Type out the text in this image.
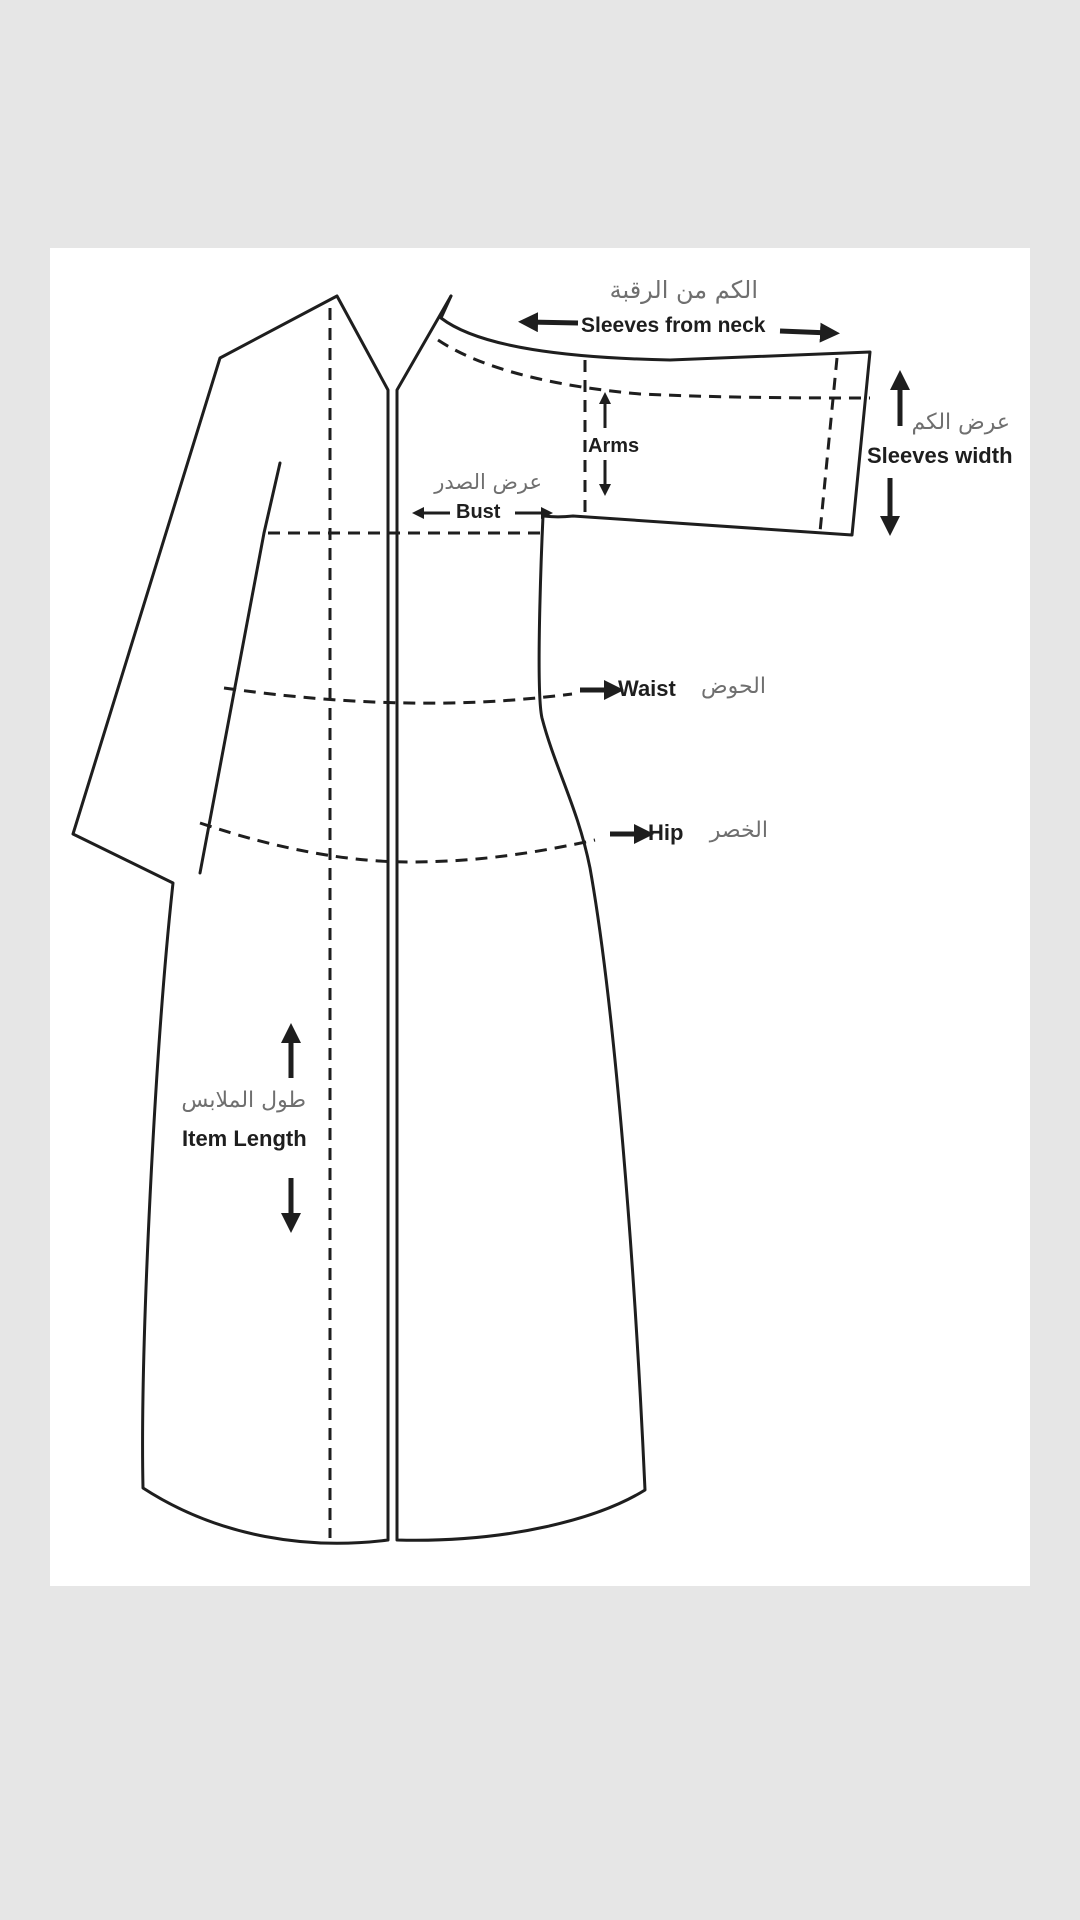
الكم من الرقبة
Sleeves from neck
عرض الكم
Sleeves width
Arms
عرض الصدر
Bust
Waist	الحوض
Hip	الخصر
طول الملابس
Item Length
